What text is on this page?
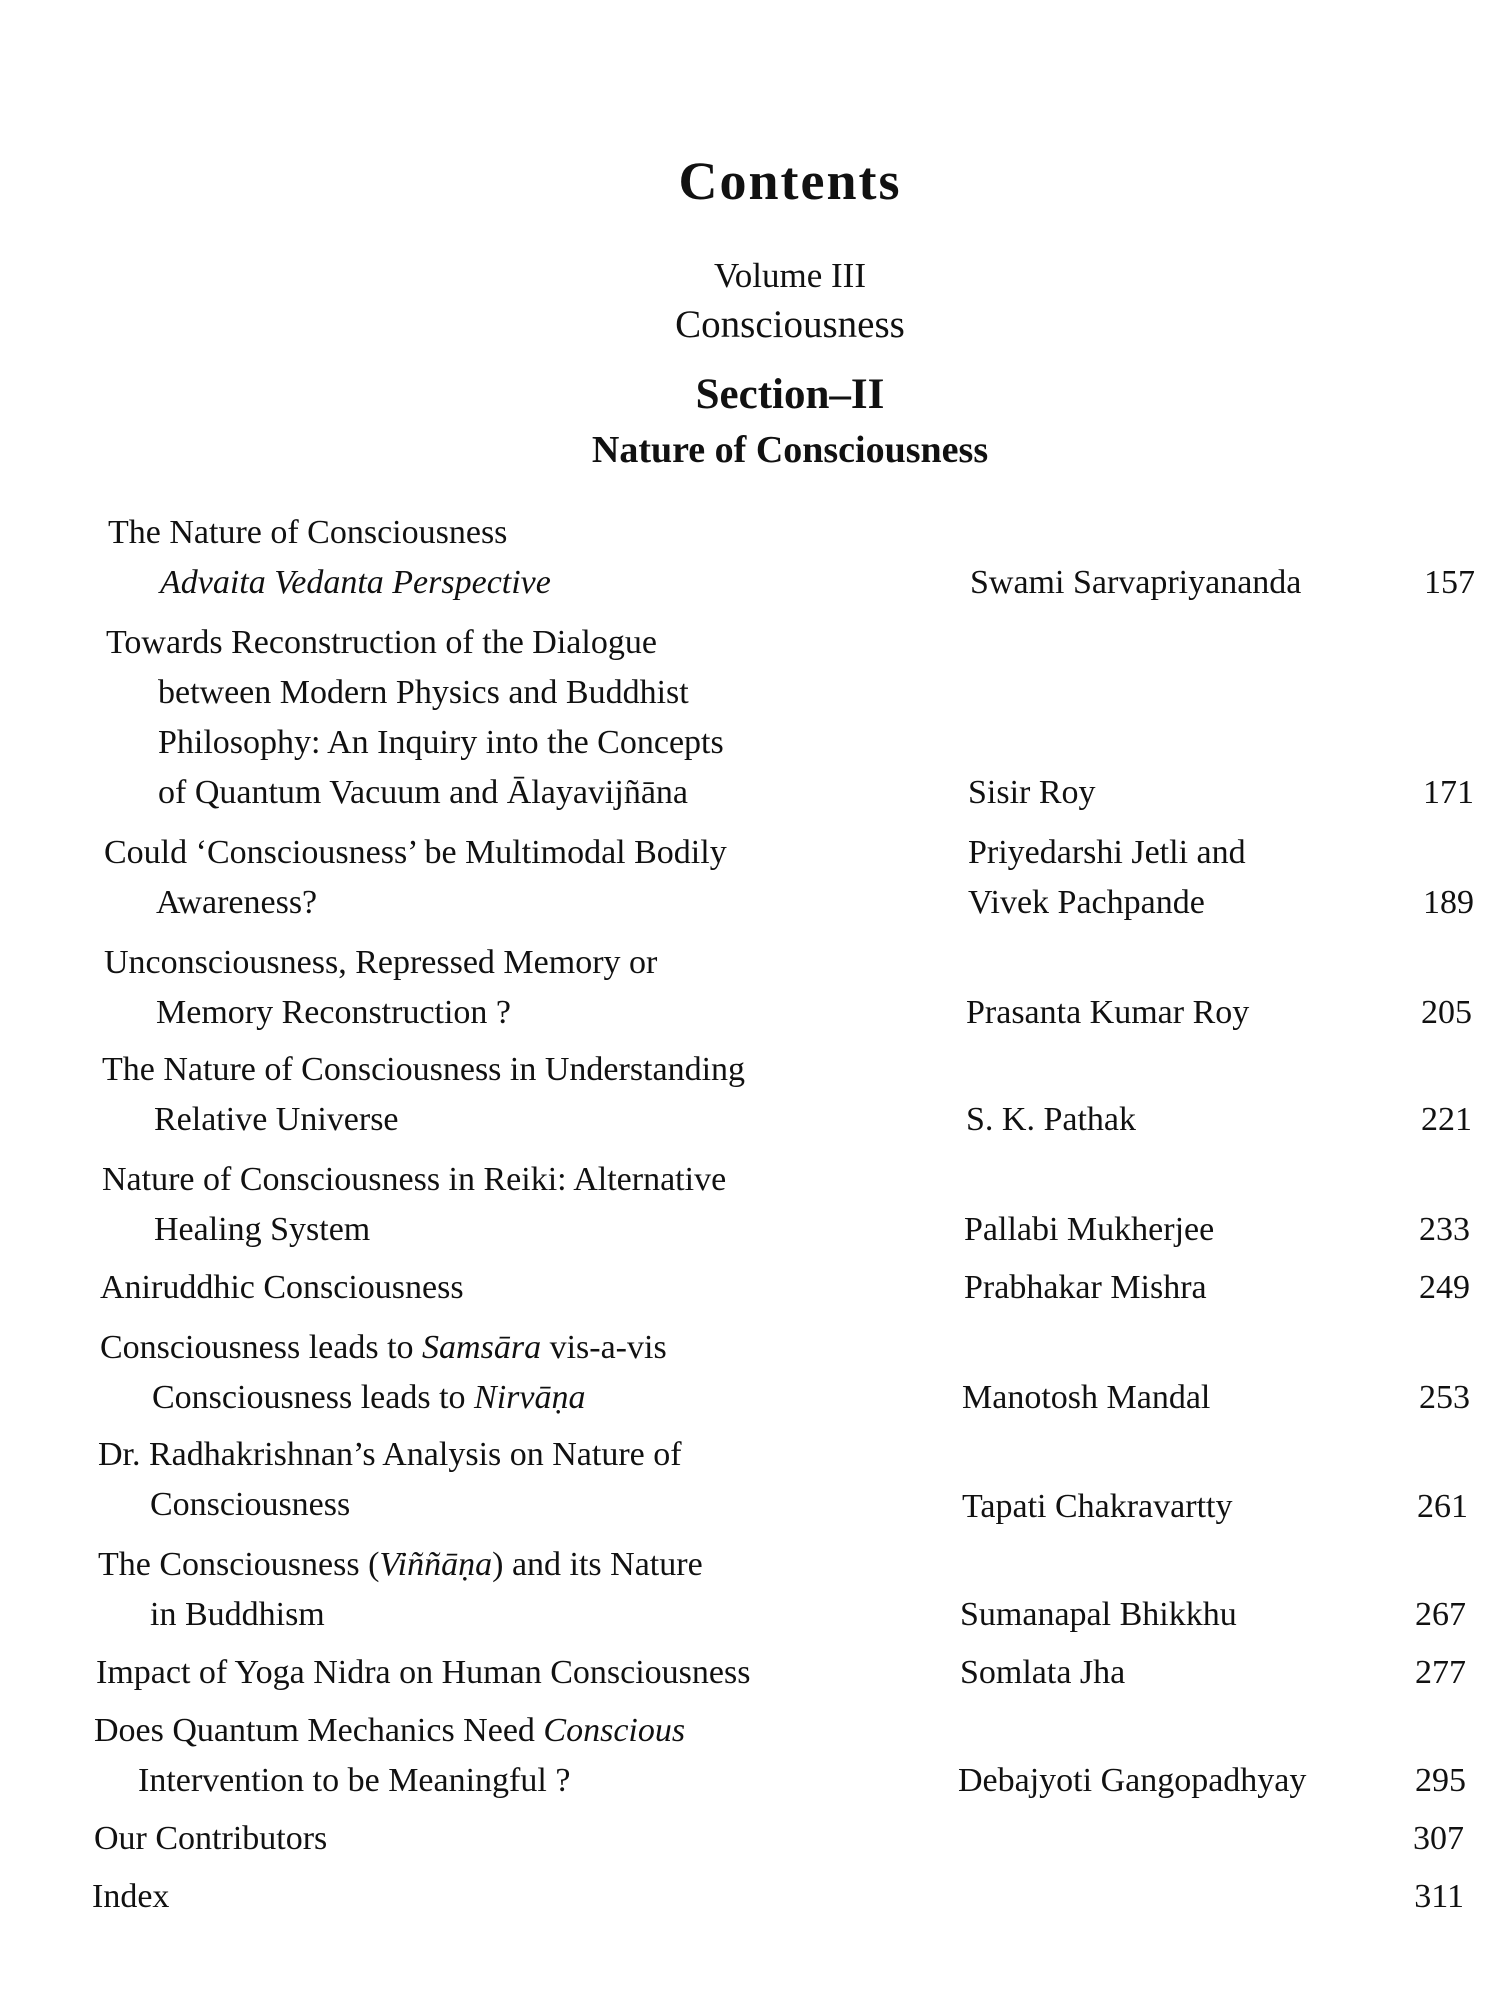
Contents
Volume III
Consciousness
Section–II
Nature of Consciousness
The Nature of Consciousness
Advaita Vedanta Perspective	Swami Sarvapriyananda	157
Towards Reconstruction of the Dialogue
between Modern Physics and Buddhist
Philosophy: An Inquiry into the Concepts
of Quantum Vacuum and Ālayavijñāna	Sisir Roy	171
Could ‘Consciousness’ be Multimodal Bodily
Awareness?
Priyedarshi Jetli and
Vivek Pachpande	189
Unconsciousness, Repressed Memory or
Memory Reconstruction ?	Prasanta Kumar Roy	205
The Nature of Consciousness in Understanding
Relative Universe	S. K. Pathak	221
Nature of Consciousness in Reiki: Alternative
Healing System	Pallabi Mukherjee	233
Aniruddhic Consciousness	Prabhakar Mishra	249
Consciousness leads to Samsāra vis-a-vis
Consciousness leads to Nirvāṇa	Manotosh Mandal	253
Dr. Radhakrishnan’s Analysis on Nature of
Consciousness	Tapati Chakravartty	261
The Consciousness (Viññāṇa) and its Nature
in Buddhism	Sumanapal Bhikkhu	267
Impact of Yoga Nidra on Human Consciousness	Somlata Jha	277
Does Quantum Mechanics Need Conscious
Intervention to be Meaningful ?	Debajyoti Gangopadhyay	295
Our Contributors	307
Index	311
